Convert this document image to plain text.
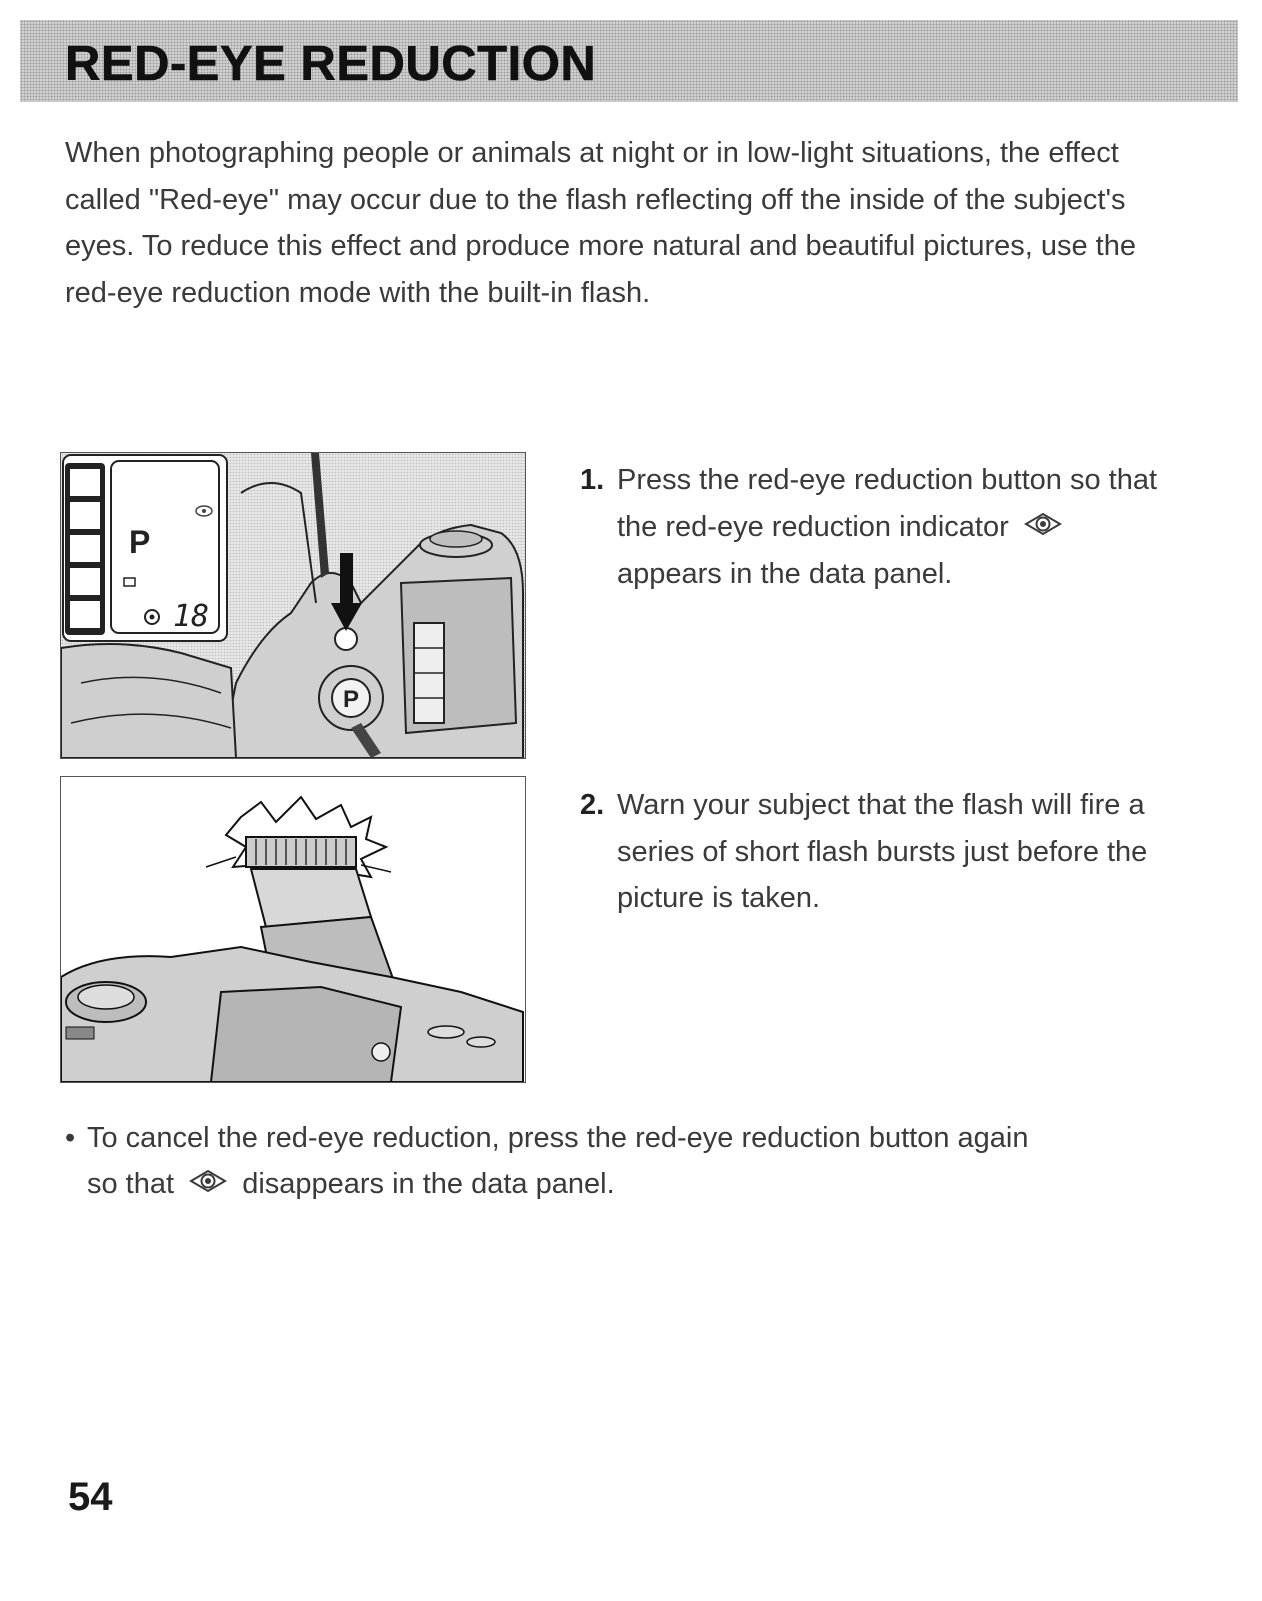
RED-EYE REDUCTION
When photographing people or animals at night or in low-light situations, the effect called "Red-eye" may occur due to the flash reflecting off the inside of the subject's eyes. To reduce this effect and produce more natural and beautiful pictures, use the red-eye reduction mode with the built-in flash.
P
P
18
1. Press the red-eye reduction button so that the red-eye reduction indicator  appears in the data panel.
2. Warn your subject that the flash will fire a series of short flash bursts just before the picture is taken.
• To cancel the red-eye reduction, press the red-eye reduction button again
so that disappears in the data panel.
54
